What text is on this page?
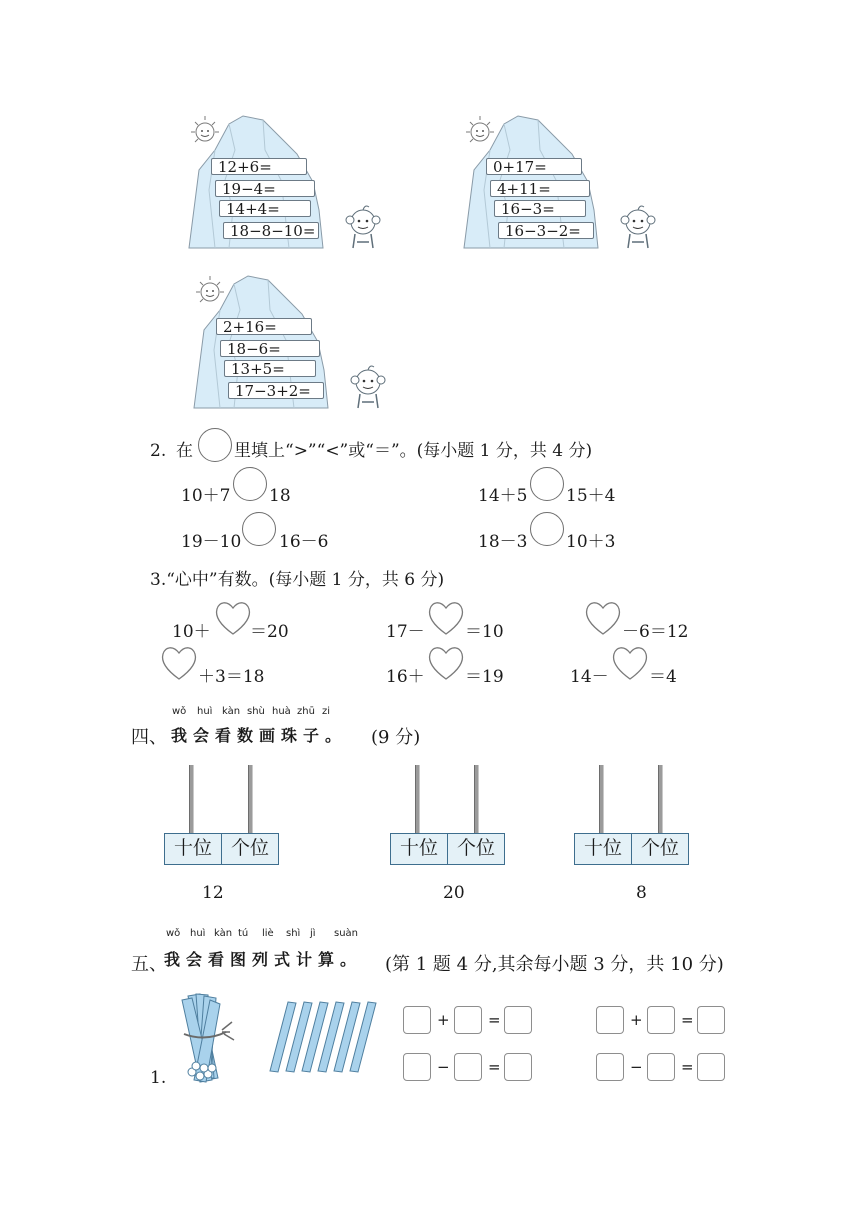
12+6=
19−4=
14+4=
18−8−10=
0+17=
4+11=
16−3=
16−3−2=
2+16=
18−6=
13+5=
17−3+2=
2. 在 里填上“>”“<”或“＝”。(每小题 1 分，共 4 分)
10＋7 18	14＋5 15＋4
19－10 16－6	18－3 10＋3
3.“心中”有数。(每小题 1 分，共 6 分)
10＋ ＝20	17－ ＝10	－6＝12
＋3＝18	16＋ ＝19	14－ ＝4
四、
wǒ huì kàn shù huà zhū zi
我会看数画珠子。 (9 分)
十位 个位
12
十位 个位
20
十位 个位
8
五、
wǒ huì kàn tú liè shì jì suàn
我会看图列式计算。 (第 1 题 4 分,其余每小题 3 分，共 10 分)
1.
+	=
−	=
+	=
−	=
